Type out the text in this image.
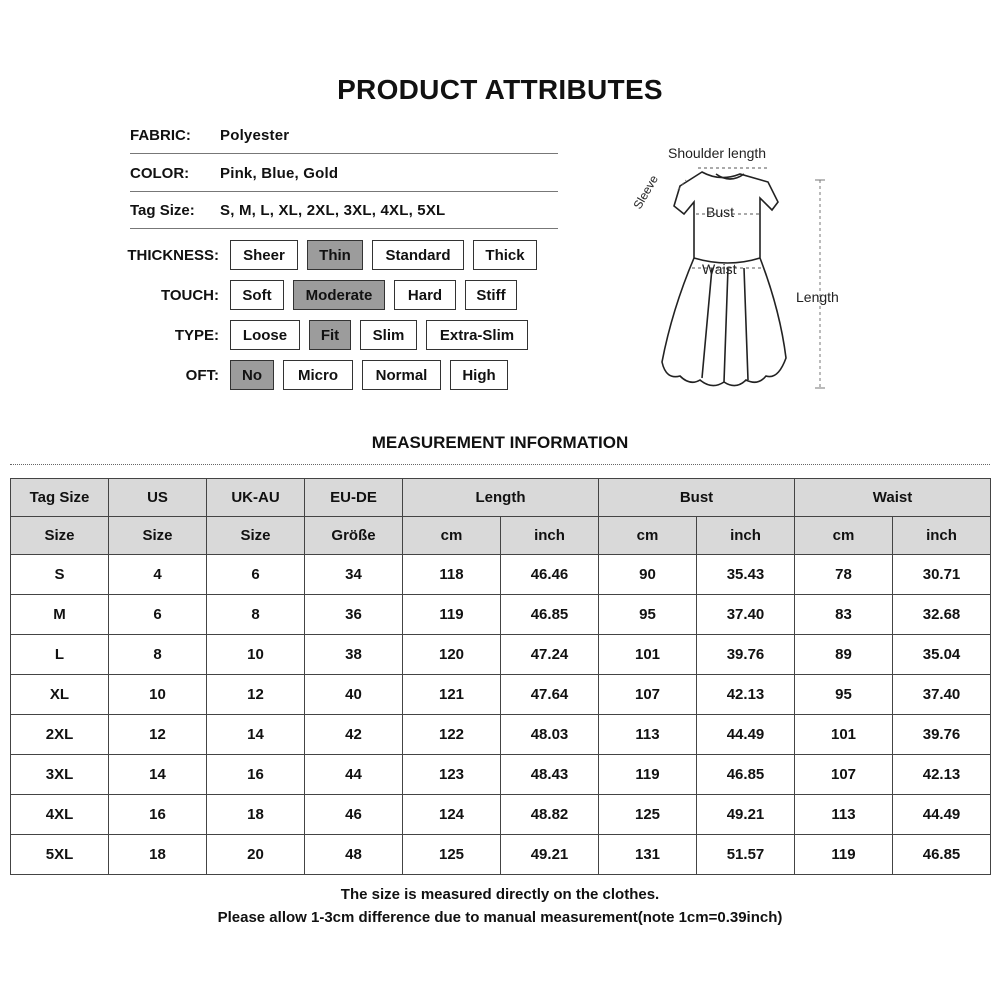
PRODUCT ATTRIBUTES
FABRIC:	Polyester
COLOR:	Pink, Blue, Gold
Tag Size:	S, M, L, XL, 2XL, 3XL, 4XL, 5XL
THICKNESS:	Sheer	Thin	Standard	Thick
TOUCH:	Soft	Moderate	Hard	Stiff
TYPE:	Loose	Fit	Slim	Extra-Slim
OFT:	No	Micro	Normal	High
Shoulder length
Sleeve
Bust
Waist
Length
MEASUREMENT INFORMATION
Tag Size	US	UK-AU	EU-DE	Length		Bust		Waist	
Size	Size	Size	Größe	cm	inch	cm	inch	cm	inch
S	4	6	34	118	46.46	90	35.43	78	30.71
M	6	8	36	119	46.85	95	37.40	83	32.68
L	8	10	38	120	47.24	101	39.76	89	35.04
XL	10	12	40	121	47.64	107	42.13	95	37.40
2XL	12	14	42	122	48.03	113	44.49	101	39.76
3XL	14	16	44	123	48.43	119	46.85	107	42.13
4XL	16	18	46	124	48.82	125	49.21	113	44.49
5XL	18	20	48	125	49.21	131	51.57	119	46.85
The size is measured directly on the clothes.
Please allow 1-3cm difference due to manual measurement(note 1cm=0.39inch)
